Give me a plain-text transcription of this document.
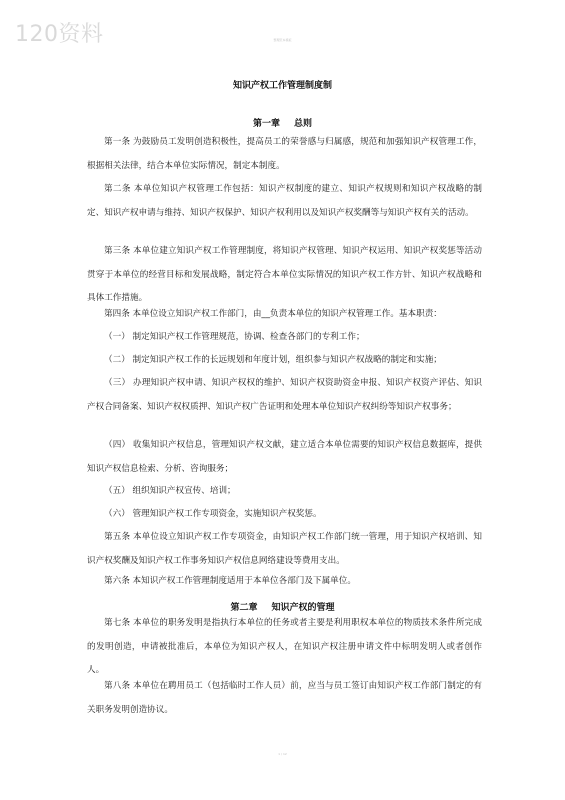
120资料	整理范本模板
知识产权工作管理制度制
第一章 总则
第一条 为鼓励员工发明创造积极性，提高员工的荣誉感与归属感，规范和加强知识产权管理工作，根据相关法律，结合本单位实际情况，制定本制度。
第二条 本单位知识产权管理工作包括：知识产权制度的建立、知识产权规则和知识产权战略的制定、知识产权申请与维持、知识产权保护、知识产权利用以及知识产权奖酬等与知识产权有关的活动。
第三条 本单位建立知识产权工作管理制度，将知识产权管理、知识产权运用、知识产权奖惩等活动贯穿于本单位的经营目标和发展战略，制定符合本单位实际情况的知识产权工作方针、知识产权战略和具体工作措施。
第四条 本单位设立知识产权工作部门，由__负责本单位的知识产权管理工作。基本职责：
（一） 制定知识产权工作管理规范，协调、检查各部门的专利工作；
（二） 制定知识产权工作的长远规划和年度计划，组织参与知识产权战略的制定和实施；
（三） 办理知识产权申请、知识产权权的维护、知识产权资助资金申报、知识产权资产评估、知识产权合同备案、知识产权权质押、知识产权广告证明和处理本单位知识产权纠纷等知识产权事务；
（四） 收集知识产权信息，管理知识产权文献，建立适合本单位需要的知识产权信息数据库，提供知识产权信息检索、分析、咨询服务；
（五） 组织知识产权宣传、培训；
（六） 管理知识产权工作专项资金，实施知识产权奖惩。
第五条 本单位设立知识产权工作专项资金，由知识产权工作部门统一管理，用于知识产权培训、知识产权奖酬及知识产权工作事务知识产权信息网络建设等费用支出。
第六条 本知识产权工作管理制度适用于本单位各部门及下属单位。
第二章 知识产权的管理
第七条 本单位的职务发明是指执行本单位的任务或者主要是利用职权本单位的物质技术条件所完成的发明创造，申请被批准后，本单位为知识产权人，在知识产权注册申请文件中标明发明人或者创作人。
第八条 本单位在聘用员工（包括临时工作人员）前，应当与员工签订由知识产权工作部门制定的有关职务发明创造协议。
1 / 12
